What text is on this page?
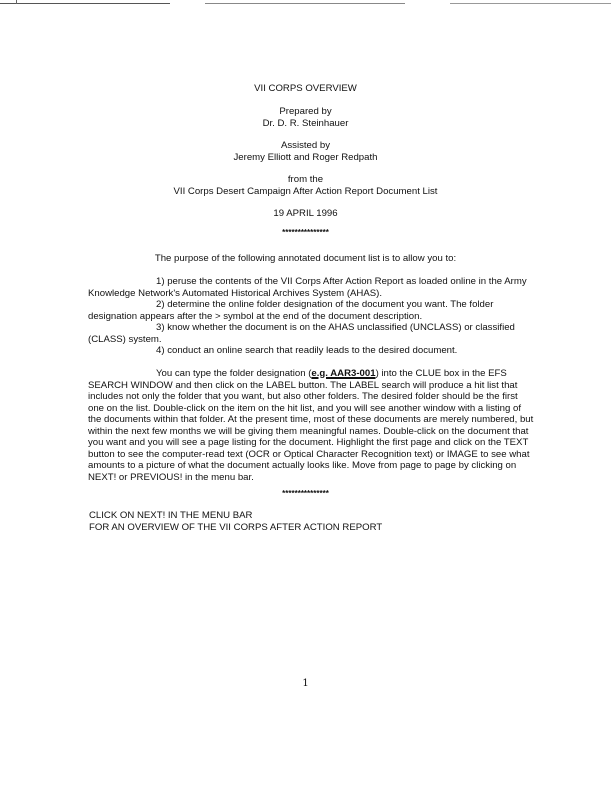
VII CORPS OVERVIEW
Prepared by
Dr. D. R. Steinhauer
Assisted by
Jeremy Elliott and Roger Redpath
from the
VII Corps Desert Campaign After Action Report Document List
19 APRIL 1996
***************
The purpose of the following annotated document list is to allow you to:
1) peruse the contents of the VII Corps After Action Report as loaded online in the Army Knowledge Network's Automated Historical Archives System (AHAS).
2) determine the online folder designation of the document you want. The folder designation appears after the > symbol at the end of the document description.
3) know whether the document is on the AHAS unclassified (UNCLASS) or classified (CLASS) system.
4) conduct an online search that readily leads to the desired document.
You can type the folder designation (e.g. AAR3-001) into the CLUE box in the EFS SEARCH WINDOW and then click on the LABEL button. The LABEL search will produce a hit list that includes not only the folder that you want, but also other folders. The desired folder should be the first one on the list. Double-click on the item on the hit list, and you will see another window with a listing of the documents within that folder. At the present time, most of these documents are merely numbered, but within the next few months we will be giving them meaningful names. Double-click on the document that you want and you will see a page listing for the document. Highlight the first page and click on the TEXT button to see the computer-read text (OCR or Optical Character Recognition text) or IMAGE to see what amounts to a picture of what the document actually looks like. Move from page to page by clicking on NEXT! or PREVIOUS! in the menu bar.
***************
CLICK ON NEXT! IN THE MENU BAR
FOR AN OVERVIEW OF THE VII CORPS AFTER ACTION REPORT
1
